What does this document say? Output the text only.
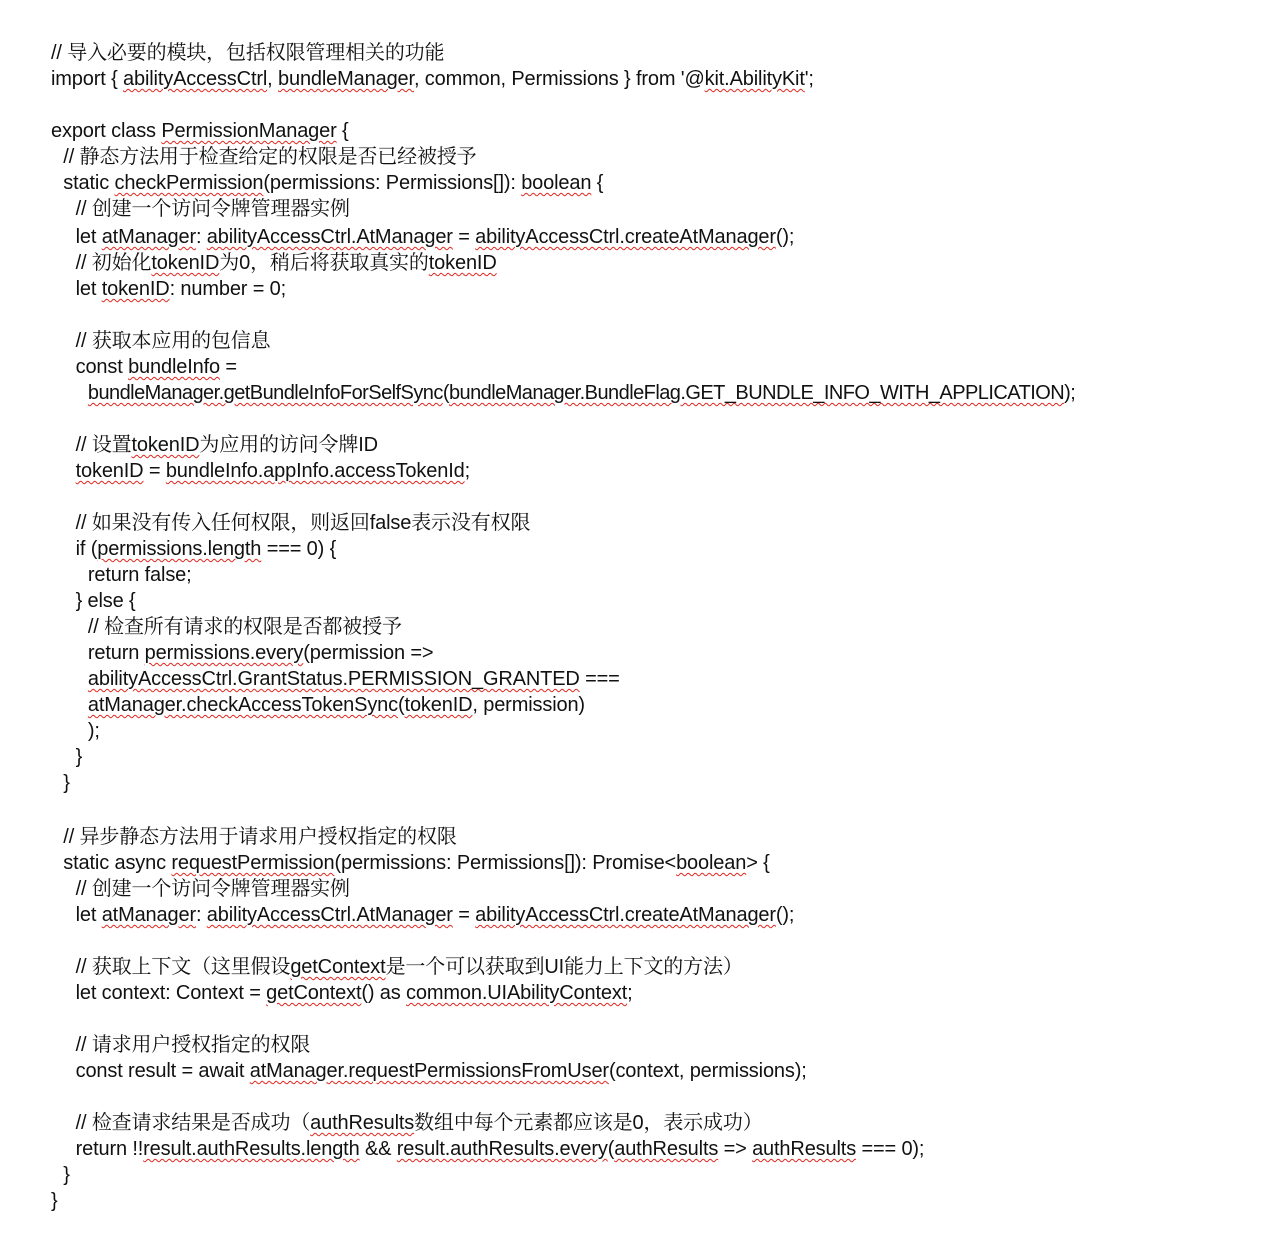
// 导入必要的模块，包括权限管理相关的功能
import { abilityAccessCtrl, bundleManager, common, Permissions } from '@kit.AbilityKit';
export class PermissionManager {
// 静态方法用于检查给定的权限是否已经被授予
static checkPermission(permissions: Permissions[]): boolean {
// 创建一个访问令牌管理器实例
let atManager: abilityAccessCtrl.AtManager = abilityAccessCtrl.createAtManager();
// 初始化tokenID为0，稍后将获取真实的tokenID
let tokenID: number = 0;
// 获取本应用的包信息
const bundleInfo =
bundleManager.getBundleInfoForSelfSync(bundleManager.BundleFlag.GET_BUNDLE_INFO_WITH_APPLICATION);
// 设置tokenID为应用的访问令牌ID
tokenID = bundleInfo.appInfo.accessTokenId;
// 如果没有传入任何权限，则返回false表示没有权限
if (permissions.length === 0) {
return false;
} else {
// 检查所有请求的权限是否都被授予
return permissions.every(permission =>
abilityAccessCtrl.GrantStatus.PERMISSION_GRANTED ===
atManager.checkAccessTokenSync(tokenID, permission)
);
}
}
// 异步静态方法用于请求用户授权指定的权限
static async requestPermission(permissions: Permissions[]): Promise<boolean> {
// 创建一个访问令牌管理器实例
let atManager: abilityAccessCtrl.AtManager = abilityAccessCtrl.createAtManager();
// 获取上下文（这里假设getContext是一个可以获取到UI能力上下文的方法）
let context: Context = getContext() as common.UIAbilityContext;
// 请求用户授权指定的权限
const result = await atManager.requestPermissionsFromUser(context, permissions);
// 检查请求结果是否成功（authResults数组中每个元素都应该是0，表示成功）
return !!result.authResults.length && result.authResults.every(authResults => authResults === 0);
}
}
